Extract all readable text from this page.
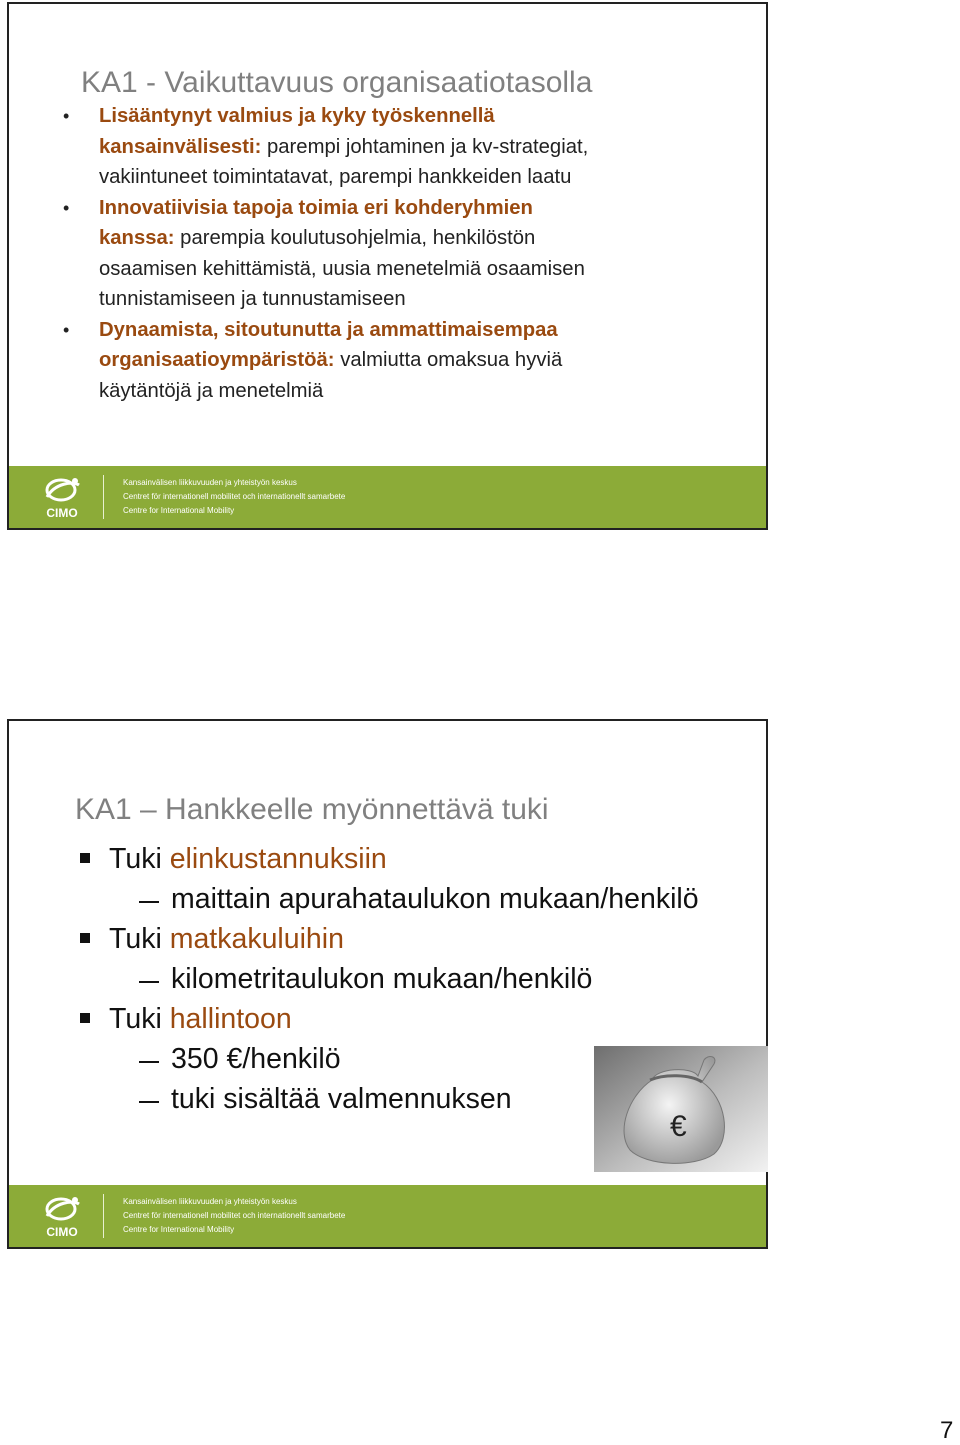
KA1 - Vaikuttavuus organisaatiotasolla
• Lisääntynyt valmius ja kyky työskennellä
kansainvälisesti: parempi johtaminen ja kv-strategiat,
vakiintuneet toimintatavat, parempi hankkeiden laatu
• Innovatiivisia tapoja toimia eri kohderyhmien
kanssa: parempia koulutusohjelmia, henkilöstön
osaamisen kehittämistä, uusia menetelmiä osaamisen
tunnistamiseen ja tunnustamiseen
• Dynaamista, sitoutunutta ja ammattimaisempaa
organisaatioympäristöä: valmiutta omaksua hyviä
käytäntöjä ja menetelmiä
CIMO
Kansainvälisen liikkuvuuden ja yhteistyön keskus
Centret för internationell mobilitet och internationellt samarbete
Centre for International Mobility
KA1 – Hankkeelle myönnettävä tuki
Tuki elinkustannuksiin
maittain apurahataulukon mukaan/henkilö
Tuki matkakuluihin
kilometritaulukon mukaan/henkilö
Tuki hallintoon
350 €/henkilö
tuki sisältää valmennuksen
€
CIMO
Kansainvälisen liikkuvuuden ja yhteistyön keskus
Centret för internationell mobilitet och internationellt samarbete
Centre for International Mobility
7
